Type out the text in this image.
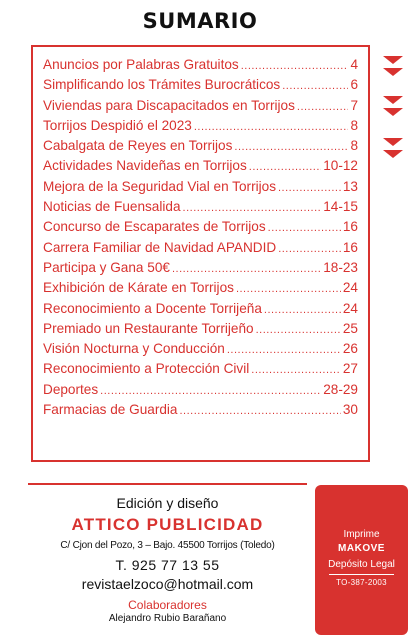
SUMARIO
Anuncios por Palabras Gratuitos .....	4
Simplificando los Trámites Burocráticos .....	6
Viviendas para Discapacitados en Torrijos .....	7
Torrijos Despidió el 2023 .....	8
Cabalgata de Reyes en Torrijos .....	8
Actividades Navideñas en Torrijos .....	10-12
Mejora de la Seguridad Vial en Torrijos .....	13
Noticias de Fuensalida .....	14-15
Concurso de Escaparates de Torrijos .....	16
Carrera Familiar de Navidad APANDID .....	16
Participa y Gana 50€ .....	18-23
Exhibición de Kárate en Torrijos .....	24
Reconocimiento a Docente Torrijeña .....	24
Premiado un Restaurante Torrijeño .....	25
Visión Nocturna y Conducción .....	26
Reconocimiento a Protección Civil .....	27
Deportes .....	28-29
Farmacias de Guardia .....	30
Edición y diseño
ATTICO PUBLICIDAD
C/ Cjon del Pozo, 3 – Bajo. 45500 Torrijos (Toledo)
T. 925 77 13 55
revistaelzoco@hotmail.com
Colaboradores
Alejandro Rubio Barañano
Imprime
MAKOVE
Depósito Legal
TO-387-2003
